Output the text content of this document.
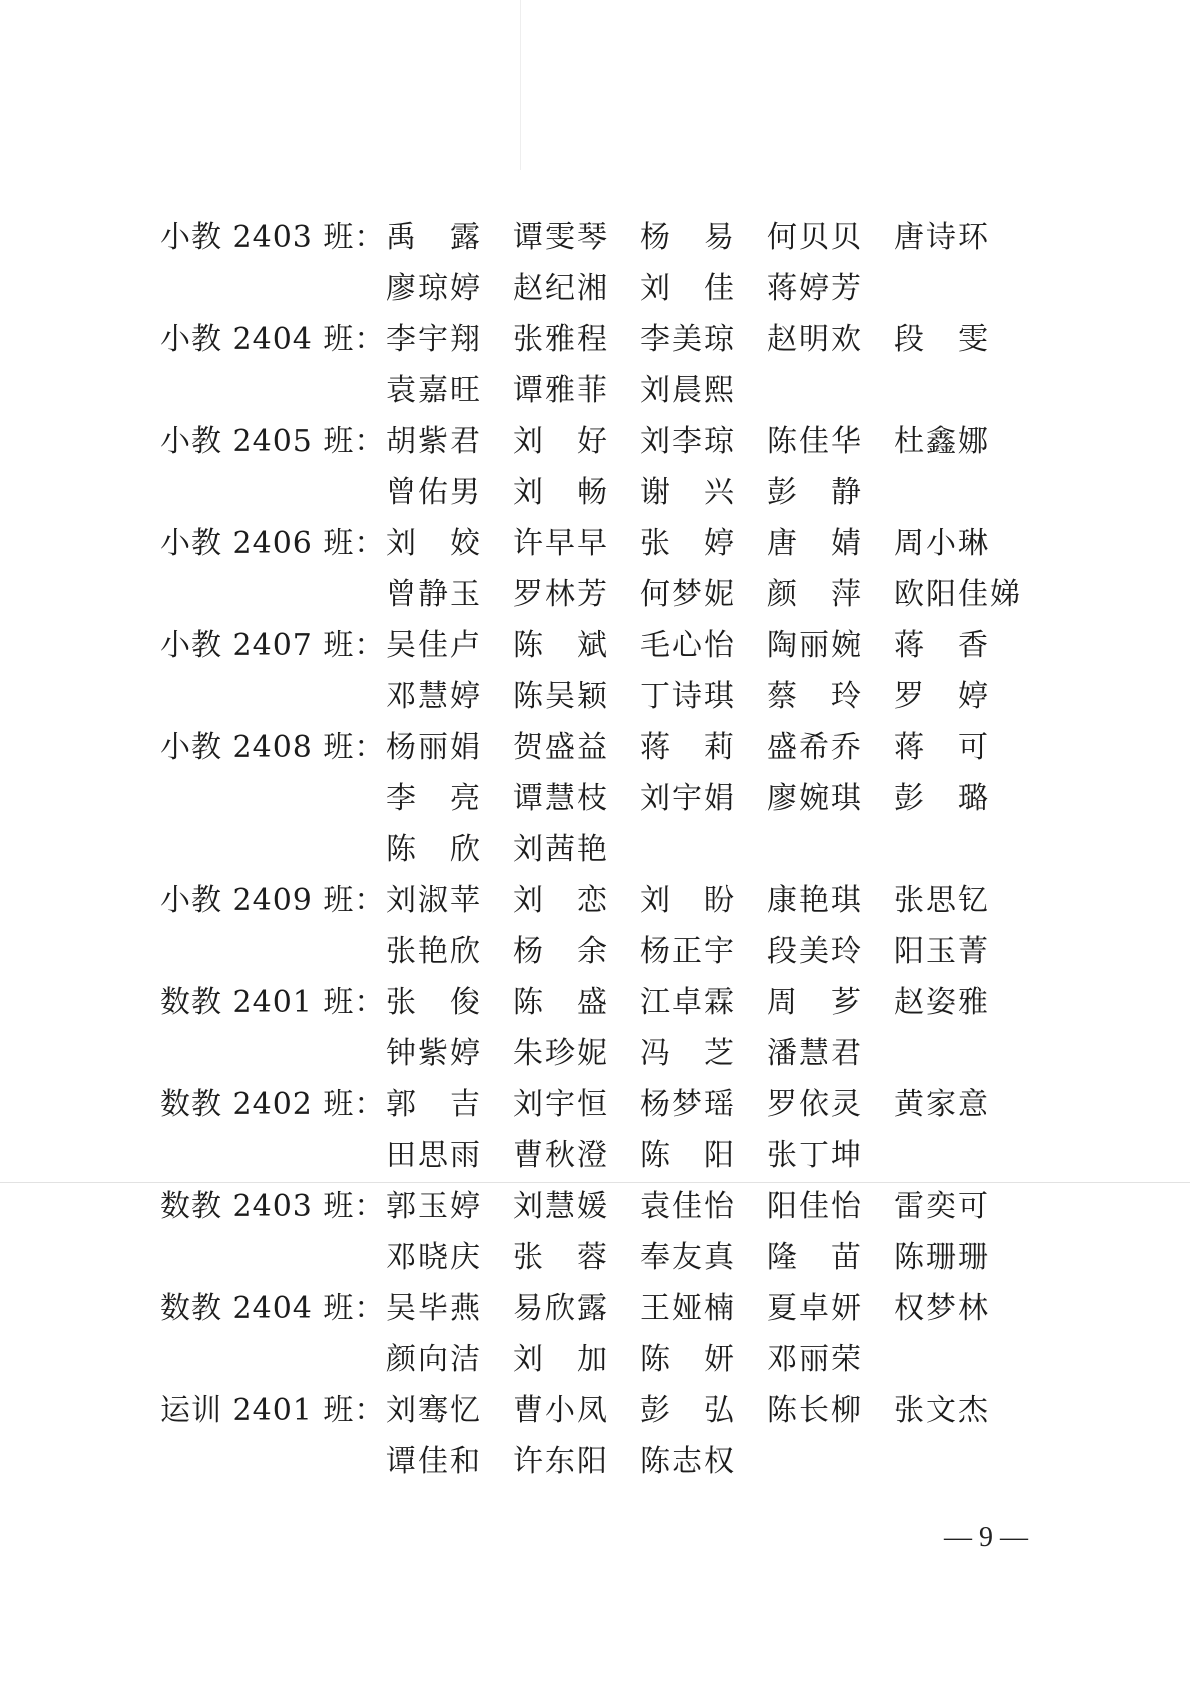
小教 2403 班： 禹　露 谭雯琴 杨　易 何贝贝 唐诗环
廖琼婷 赵纪湘 刘　佳 蒋婷芳
小教 2404 班： 李宇翔 张雅程 李美琼 赵明欢 段　雯
袁嘉旺 谭雅菲 刘晨熙
小教 2405 班： 胡紫君 刘　好 刘李琼 陈佳华 杜鑫娜
曾佑男 刘　畅 谢　兴 彭　静
小教 2406 班： 刘　姣 许早早 张　婷 唐　婧 周小琳
曾静玉 罗林芳 何梦妮 颜　萍 欧阳佳娣
小教 2407 班： 吴佳卢 陈　斌 毛心怡 陶丽婉 蒋　香
邓慧婷 陈吴颖 丁诗琪 蔡　玲 罗　婷
小教 2408 班： 杨丽娟 贺盛益 蒋　莉 盛希乔 蒋　可
李　亮 谭慧枝 刘宇娟 廖婉琪 彭　璐
陈　欣 刘茜艳
小教 2409 班： 刘淑苹 刘　恋 刘　盼 康艳琪 张思钇
张艳欣 杨　余 杨正宇 段美玲 阳玉菁
数教 2401 班： 张　俊 陈　盛 江卓霖 周　芗 赵姿雅
钟紫婷 朱珍妮 冯　芝 潘慧君
数教 2402 班： 郭　吉 刘宇恒 杨梦瑶 罗依灵 黄家意
田思雨 曹秋澄 陈　阳 张丁坤
数教 2403 班： 郭玉婷 刘慧媛 袁佳怡 阳佳怡 雷奕可
邓晓庆 张　蓉 奉友真 隆　苗 陈珊珊
数教 2404 班： 吴毕燕 易欣露 王娅楠 夏卓妍 权梦林
颜向洁 刘　加 陈　妍 邓丽荣
运训 2401 班： 刘骞忆 曹小凤 彭　弘 陈长柳 张文杰
谭佳和 许东阳 陈志权
— 9 —
